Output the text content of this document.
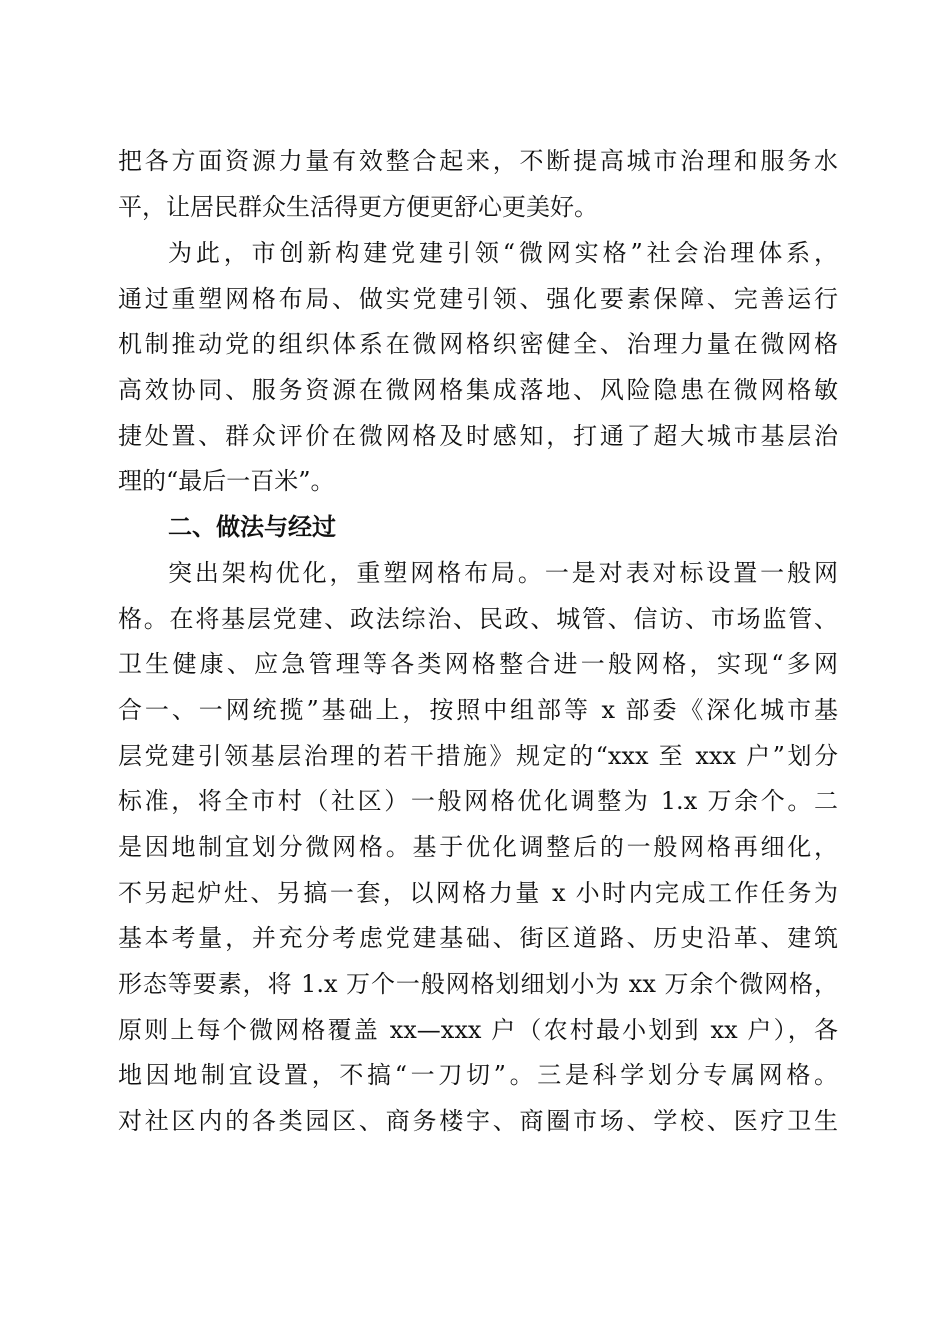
把各方面资源力量有效整合起来，不断提高城市治理和服务水
平，让居民群众生活得更方便更舒心更美好。
为此，市创新构建党建引领“微网实格”社会治理体系，
通过重塑网格布局、做实党建引领、强化要素保障、完善运行
机制推动党的组织体系在微网格织密健全、治理力量在微网格
高效协同、服务资源在微网格集成落地、风险隐患在微网格敏
捷处置、群众评价在微网格及时感知，打通了超大城市基层治
理的“最后一百米”。
二、做法与经过
突出架构优化，重塑网格布局。一是对表对标设置一般网
格。在将基层党建、政法综治、民政、城管、信访、市场监管、
卫生健康、应急管理等各类网格整合进一般网格，实现“多网
合一、一网统揽”基础上，按照中组部等 x 部委《深化城市基
层党建引领基层治理的若干措施》规定的“xxx 至 xxx 户”划分
标准，将全市村（社区）一般网格优化调整为 1.x 万余个。二
是因地制宜划分微网格。基于优化调整后的一般网格再细化，
不另起炉灶、另搞一套，以网格力量 x 小时内完成工作任务为
基本考量，并充分考虑党建基础、街区道路、历史沿革、建筑
形态等要素，将 1.x 万个一般网格划细划小为 xx 万余个微网格，
原则上每个微网格覆盖 xx—xxx 户（农村最小划到 xx 户），各
地因地制宜设置，不搞“一刀切”。三是科学划分专属网格。
对社区内的各类园区、商务楼宇、商圈市场、学校、医疗卫生
